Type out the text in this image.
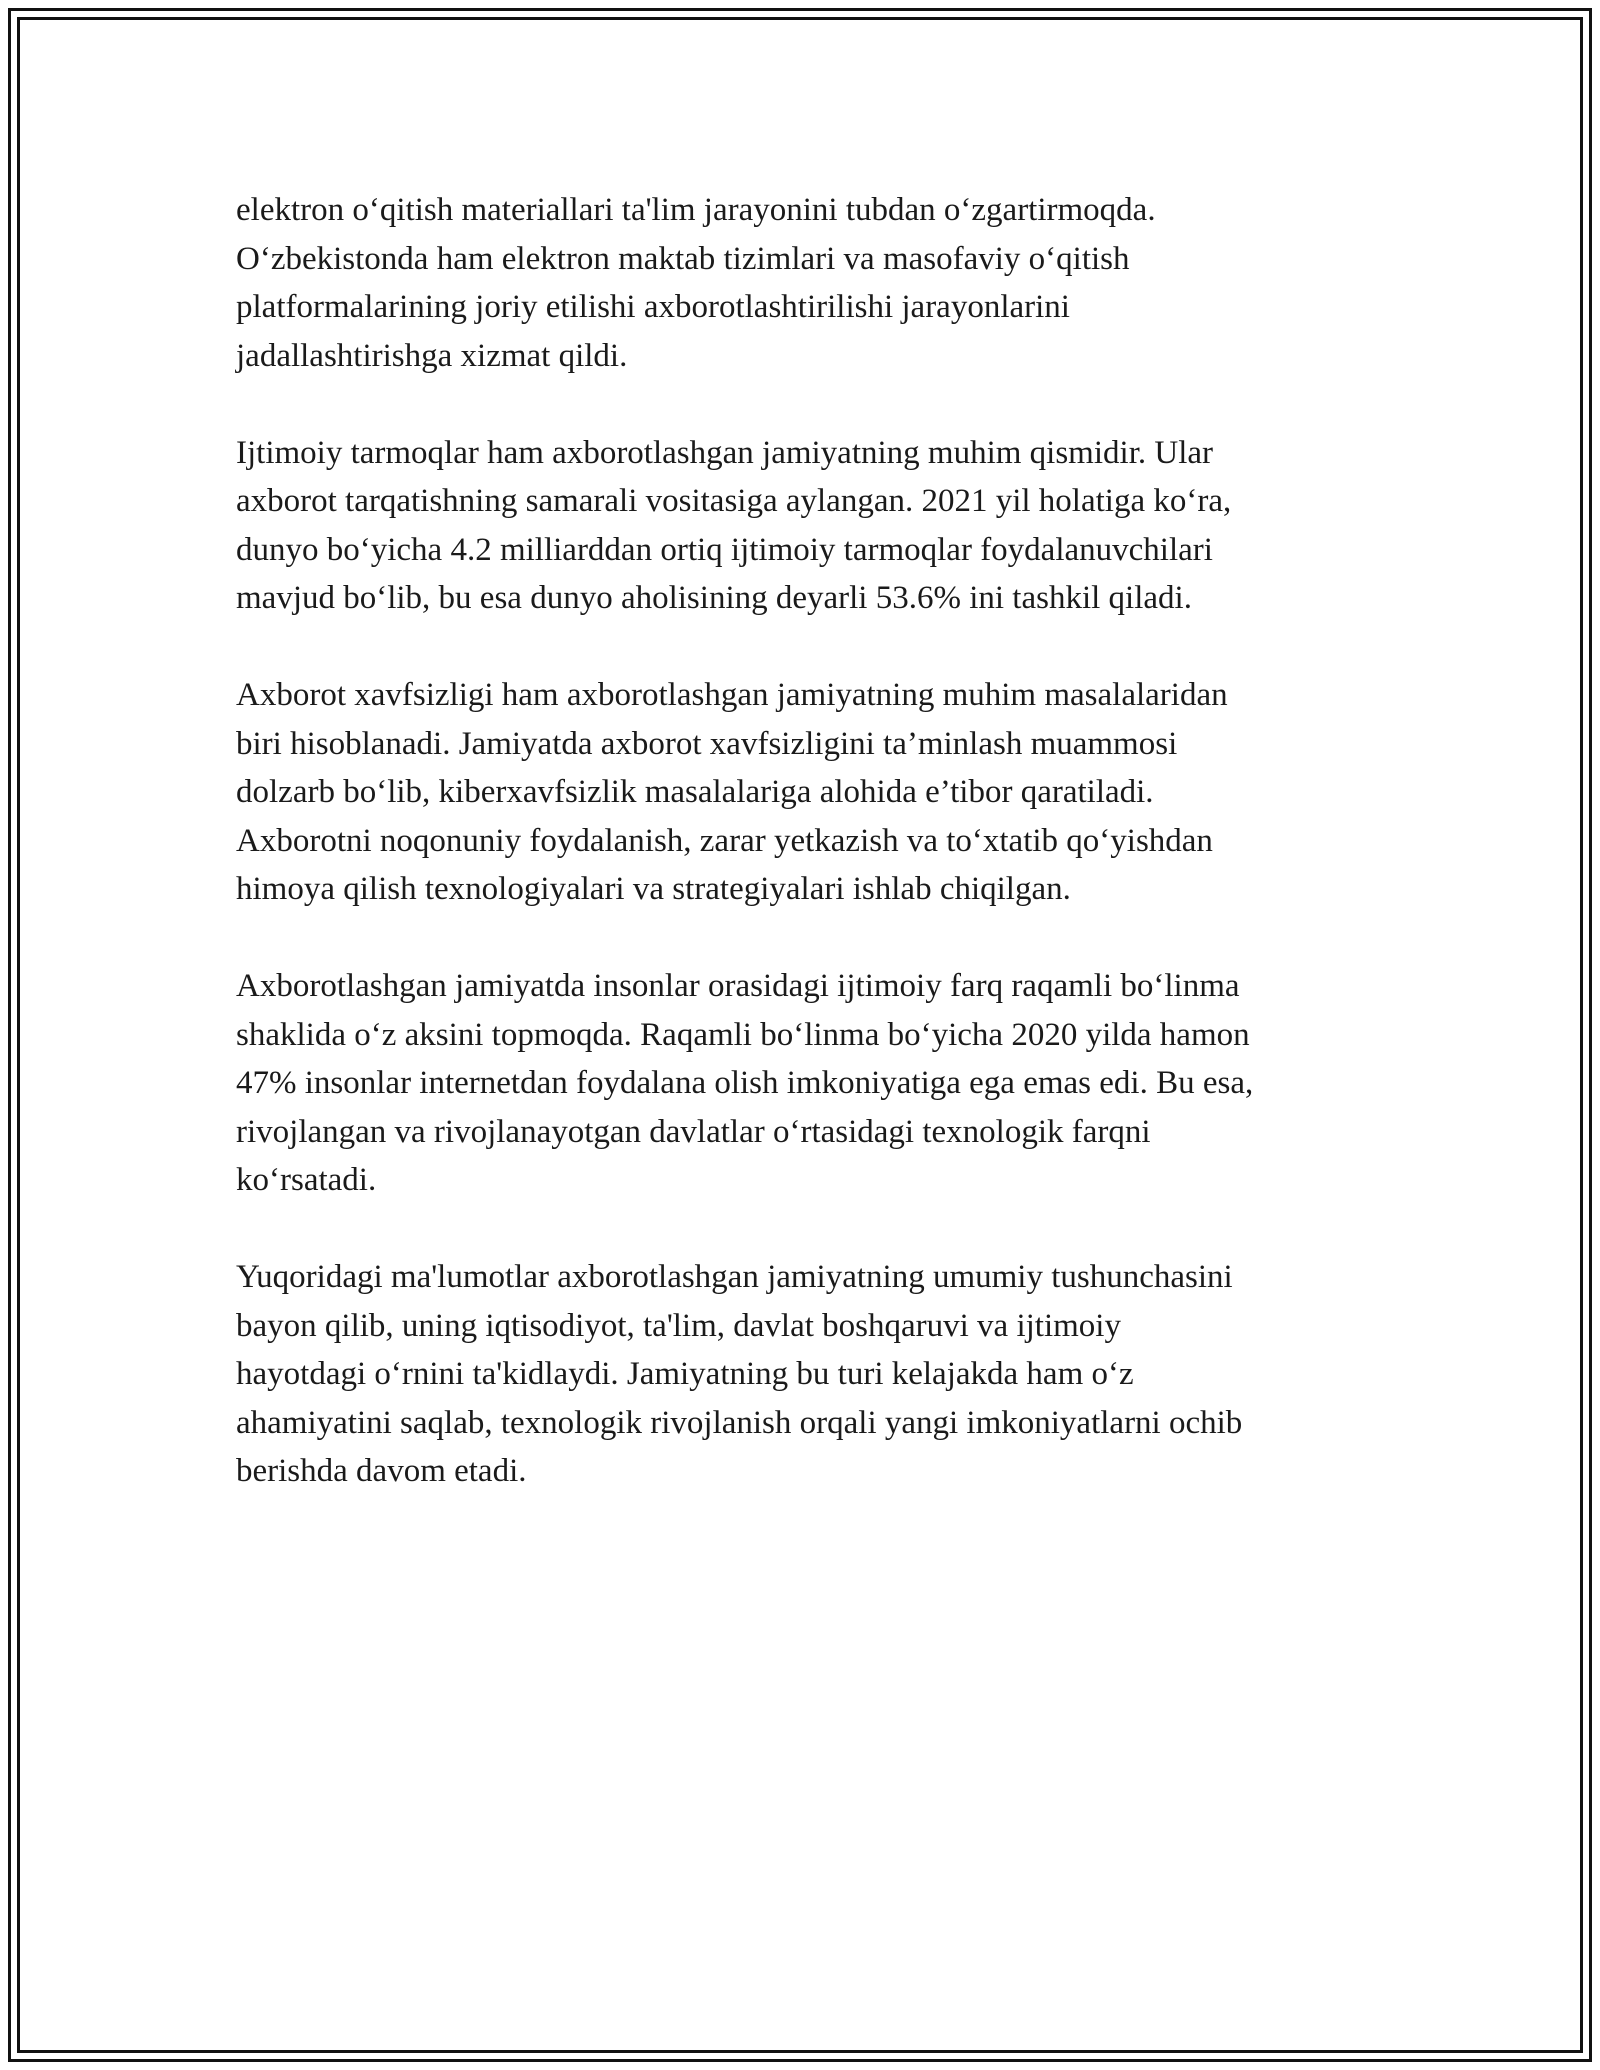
elektron oʻqitish materiallari ta'lim jarayonini tubdan oʻzgartirmoqda.
Oʻzbekistonda ham elektron maktab tizimlari va masofaviy oʻqitish
platformalarining joriy etilishi axborotlashtirilishi jarayonlarini
jadallashtirishga xizmat qildi.
Ijtimoiy tarmoqlar ham axborotlashgan jamiyatning muhim qismidir. Ular
axborot tarqatishning samarali vositasiga aylangan. 2021 yil holatiga koʻra,
dunyo boʻyicha 4.2 milliarddan ortiq ijtimoiy tarmoqlar foydalanuvchilari
mavjud boʻlib, bu esa dunyo aholisining deyarli 53.6% ini tashkil qiladi.
Axborot xavfsizligi ham axborotlashgan jamiyatning muhim masalalaridan
biri hisoblanadi. Jamiyatda axborot xavfsizligini ta’minlash muammosi
dolzarb boʻlib, kiberxavfsizlik masalalariga alohida e’tibor qaratiladi.
Axborotni noqonuniy foydalanish, zarar yetkazish va toʻxtatib qoʻyishdan
himoya qilish texnologiyalari va strategiyalari ishlab chiqilgan.
Axborotlashgan jamiyatda insonlar orasidagi ijtimoiy farq raqamli boʻlinma
shaklida oʻz aksini topmoqda. Raqamli boʻlinma boʻyicha 2020 yilda hamon
47% insonlar internetdan foydalana olish imkoniyatiga ega emas edi. Bu esa,
rivojlangan va rivojlanayotgan davlatlar oʻrtasidagi texnologik farqni
koʻrsatadi.
Yuqoridagi ma'lumotlar axborotlashgan jamiyatning umumiy tushunchasini
bayon qilib, uning iqtisodiyot, ta'lim, davlat boshqaruvi va ijtimoiy
hayotdagi oʻrnini ta'kidlaydi. Jamiyatning bu turi kelajakda ham oʻz
ahamiyatini saqlab, texnologik rivojlanish orqali yangi imkoniyatlarni ochib
berishda davom etadi.
